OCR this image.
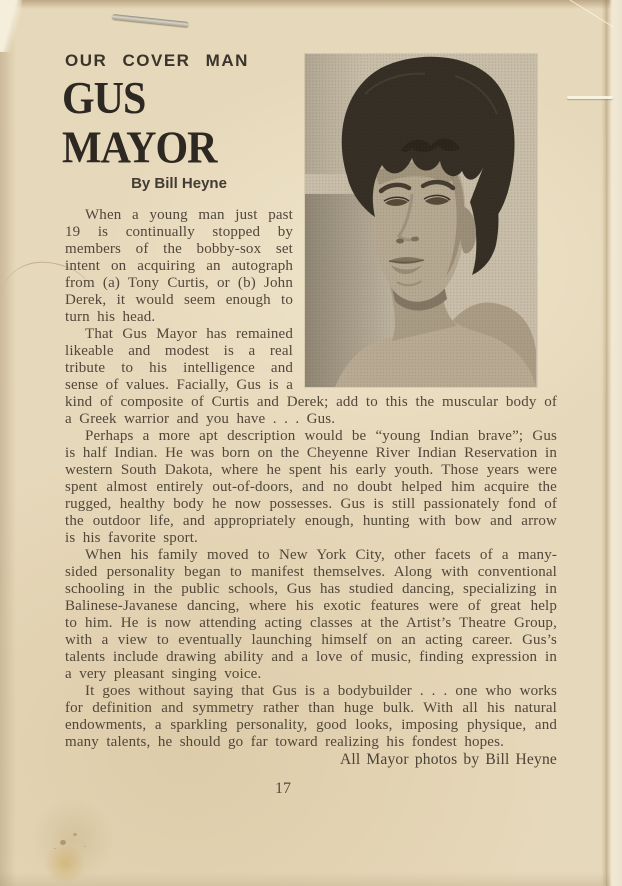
OUR COVER MAN
GUS MAYOR
By Bill Heyne

When a young man just past 19 is continually stopped by members of the bobby-sox set intent on acquiring an autograph from (a) Tony Curtis, or (b) John Derek, it would seem enough to turn his head.

That Gus Mayor has remained likeable and modest is a real tribute to his intelligence and sense of values. Facially, Gus is a kind of composite of Curtis and Derek; add to this the muscular body of a Greek warrior and you have . . . Gus.

Perhaps a more apt description would be “young Indian brave”; Gus is half Indian. He was born on the Cheyenne River Indian Reservation in western South Dakota, where he spent his early youth. Those years were spent almost entirely out-of-doors, and no doubt helped him acquire the rugged, healthy body he now possesses. Gus is still passionately fond of the outdoor life, and appropriately enough, hunting with bow and arrow is his favorite sport.

When his family moved to New York City, other facets of a many-sided personality began to manifest themselves. Along with conventional schooling in the public schools, Gus has studied dancing, specializing in Balinese-Javanese dancing, where his exotic features were of great help to him. He is now attending acting classes at the Artist’s Theatre Group, with a view to eventually launching himself on an acting career. Gus’s talents include drawing ability and a love of music, finding expression in a very pleasant singing voice.

It goes without saying that Gus is a bodybuilder . . . one who works for definition and symmetry rather than huge bulk. With all his natural endowments, a sparkling personality, good looks, imposing physique, and many talents, he should go far toward realizing his fondest hopes.

All Mayor photos by Bill Heyne
17
